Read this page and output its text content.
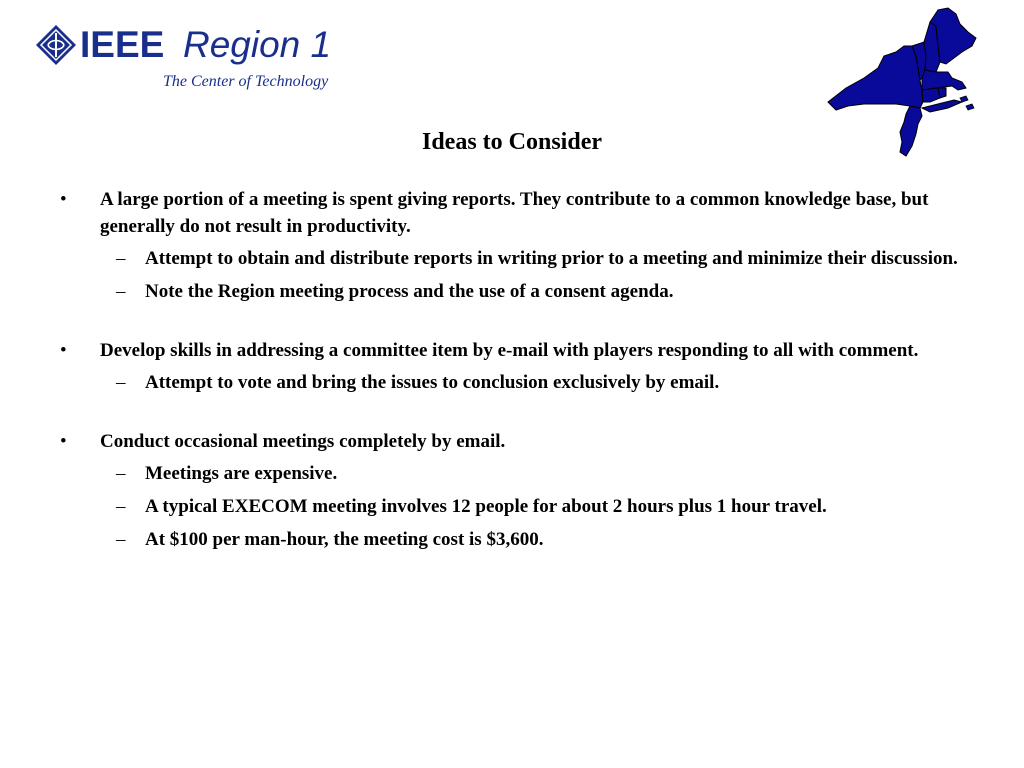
IEEE Region 1
The Center of Technology
Ideas to Consider
• A large portion of a meeting is spent giving reports. They contribute to a common knowledge base, but generally do not result in productivity.
– Attempt to obtain and distribute reports in writing prior to a meeting and minimize their discussion.
– Note the Region meeting process and the use of a consent agenda.
• Develop skills in addressing a committee item by e-mail with players responding to all with comment.
– Attempt to vote and bring the issues to conclusion exclusively by email.
• Conduct occasional meetings completely by email.
– Meetings are expensive.
– A typical EXECOM meeting involves 12 people for about 2 hours plus 1 hour travel.
– At $100 per man-hour, the meeting cost is $3,600.
